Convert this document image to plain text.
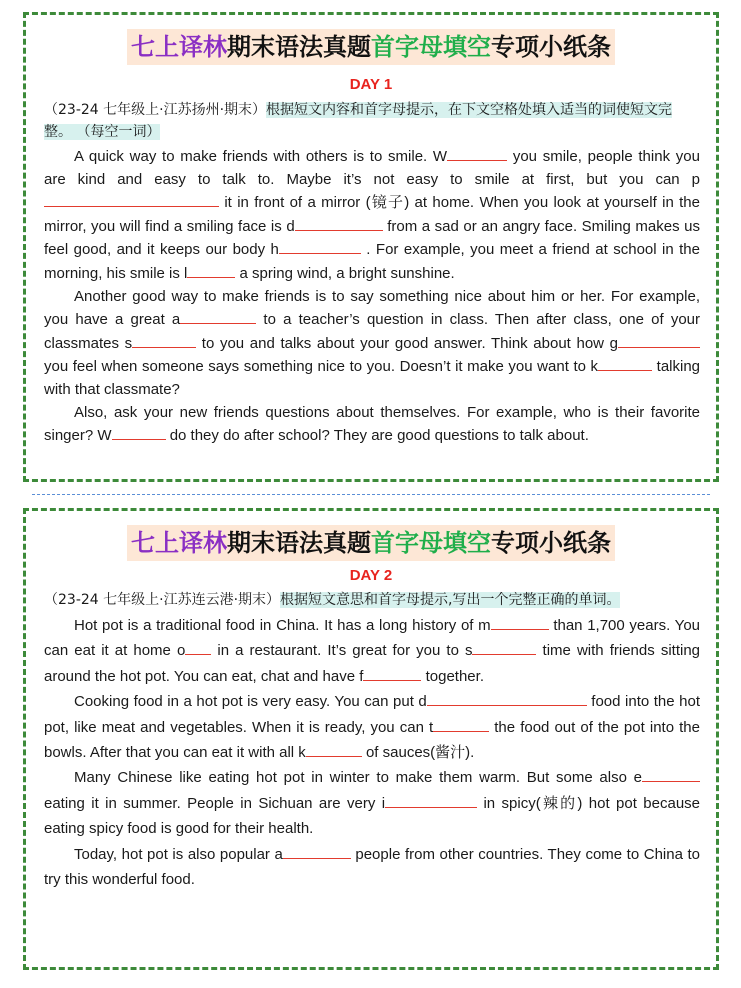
七上译林期末语法真题首字母填空专项小纸条
DAY 1
（23-24 七年级上·江苏扬州·期末）根据短文内容和首字母提示，在下文空格处填入适当的词使短文完整。 （每空一词）

A quick way to make friends with others is to smile. W	you smile, people think you are kind and easy to talk to. Maybe it’s not easy to smile at first, but you can p it in front of a mirror (镜子) at home. When you look at yourself in the mirror, you will find a smiling face is d	from a sad or an angry face. Smiling makes us feel good, and it keeps our body h	. For example, you meet a friend at school in the morning, his smile is l	a spring wind, a bright sunshine.

Another good way to make friends is to say something nice about him or her. For example, you have a great a	to a teacher’s question in class. Then after class, one of your classmates s	to you and talks about your good answer. Think about how g you feel when someone says something nice to you. Doesn’t it make you want to k	talking with that classmate?

Also, ask your new friends questions about themselves. For example, who is their favorite singer? W	do they do after school? They are good questions to talk about.

七上译林期末语法真题首字母填空专项小纸条
DAY 2
（23-24 七年级上·江苏连云港·期末）根据短文意思和首字母提示,写出一个完整正确的单词。

Hot pot is a traditional food in China. It has a long history of m	than 1,700 years. You can eat it at home o in a restaurant. It’s great for you to s	time with friends sitting around the hot pot. You can eat, chat and have f	together.

Cooking food in a hot pot is very easy. You can put d	food into the hot pot, like meat and vegetables. When it is ready, you can t	the food out of the pot into the bowls. After that you can eat it with all k	of sauces(酱汁).

Many Chinese like eating hot pot in winter to make them warm. But some also e eating it in summer. People in Sichuan are very i	in spicy(辣的) hot pot because eating spicy food is good for their health.

Today, hot pot is also popular a	people from other countries. They come to China to try this wonderful food.
